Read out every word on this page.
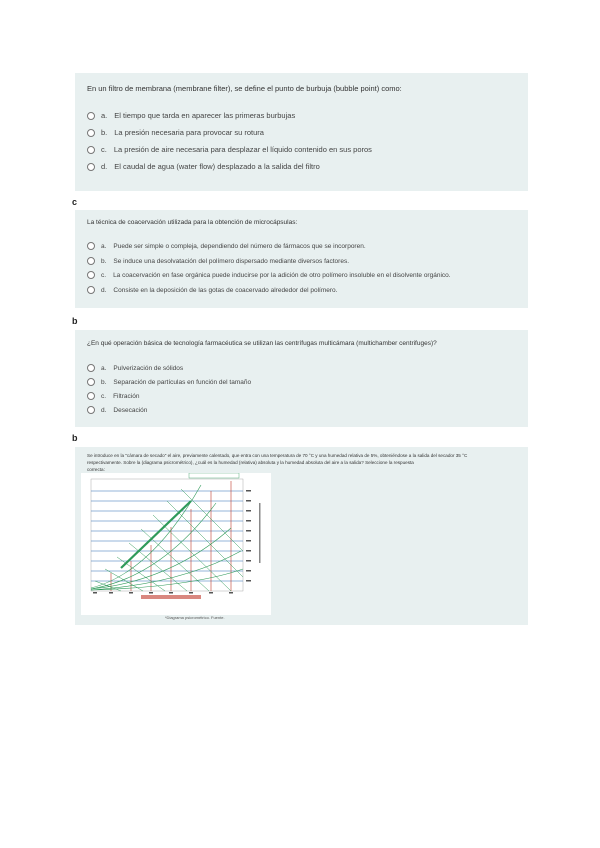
En un filtro de membrana (membrane filter), se define el punto de burbuja (bubble point) como:
a. El tiempo que tarda en aparecer las primeras burbujas
b. La presión necesaria para provocar su rotura
c. La presión de aire necesaria para desplazar el líquido contenido en sus poros
d. El caudal de agua (water flow) desplazado a la salida del filtro
c
La técnica de coacervación utilizada para la obtención de microcápsulas:
a. Puede ser simple o compleja, dependiendo del número de fármacos que se incorporen.
b. Se induce una desolvatación del polímero dispersado mediante diversos factores.
c. La coacervación en fase orgánica puede inducirse por la adición de otro polímero insoluble en el disolvente orgánico.
d. Consiste en la deposición de las gotas de coacervado alrededor del polímero.
b
¿En qué operación básica de tecnología farmacéutica se utilizan las centrífugas multicámara (multichamber centrifuges)?
a. Pulverización de sólidos
b. Separación de partículas en función del tamaño
c. Filtración
d. Desecación
b
Se introduce en la "cámara de secado" el aire, previamente calentado, que entra con una temperatura de 70 °C y una humedad relativa de 5%, obteniéndose a la salida del secador 35 °C
respectivamente. Sobre la (diagrama psicrométrico), ¿cuál es la humedad (relativa) absoluta y la humedad absoluta del aire a la salida? Seleccione la respuesta
correcta:
*Diagrama psicrométrico. Fuente.
